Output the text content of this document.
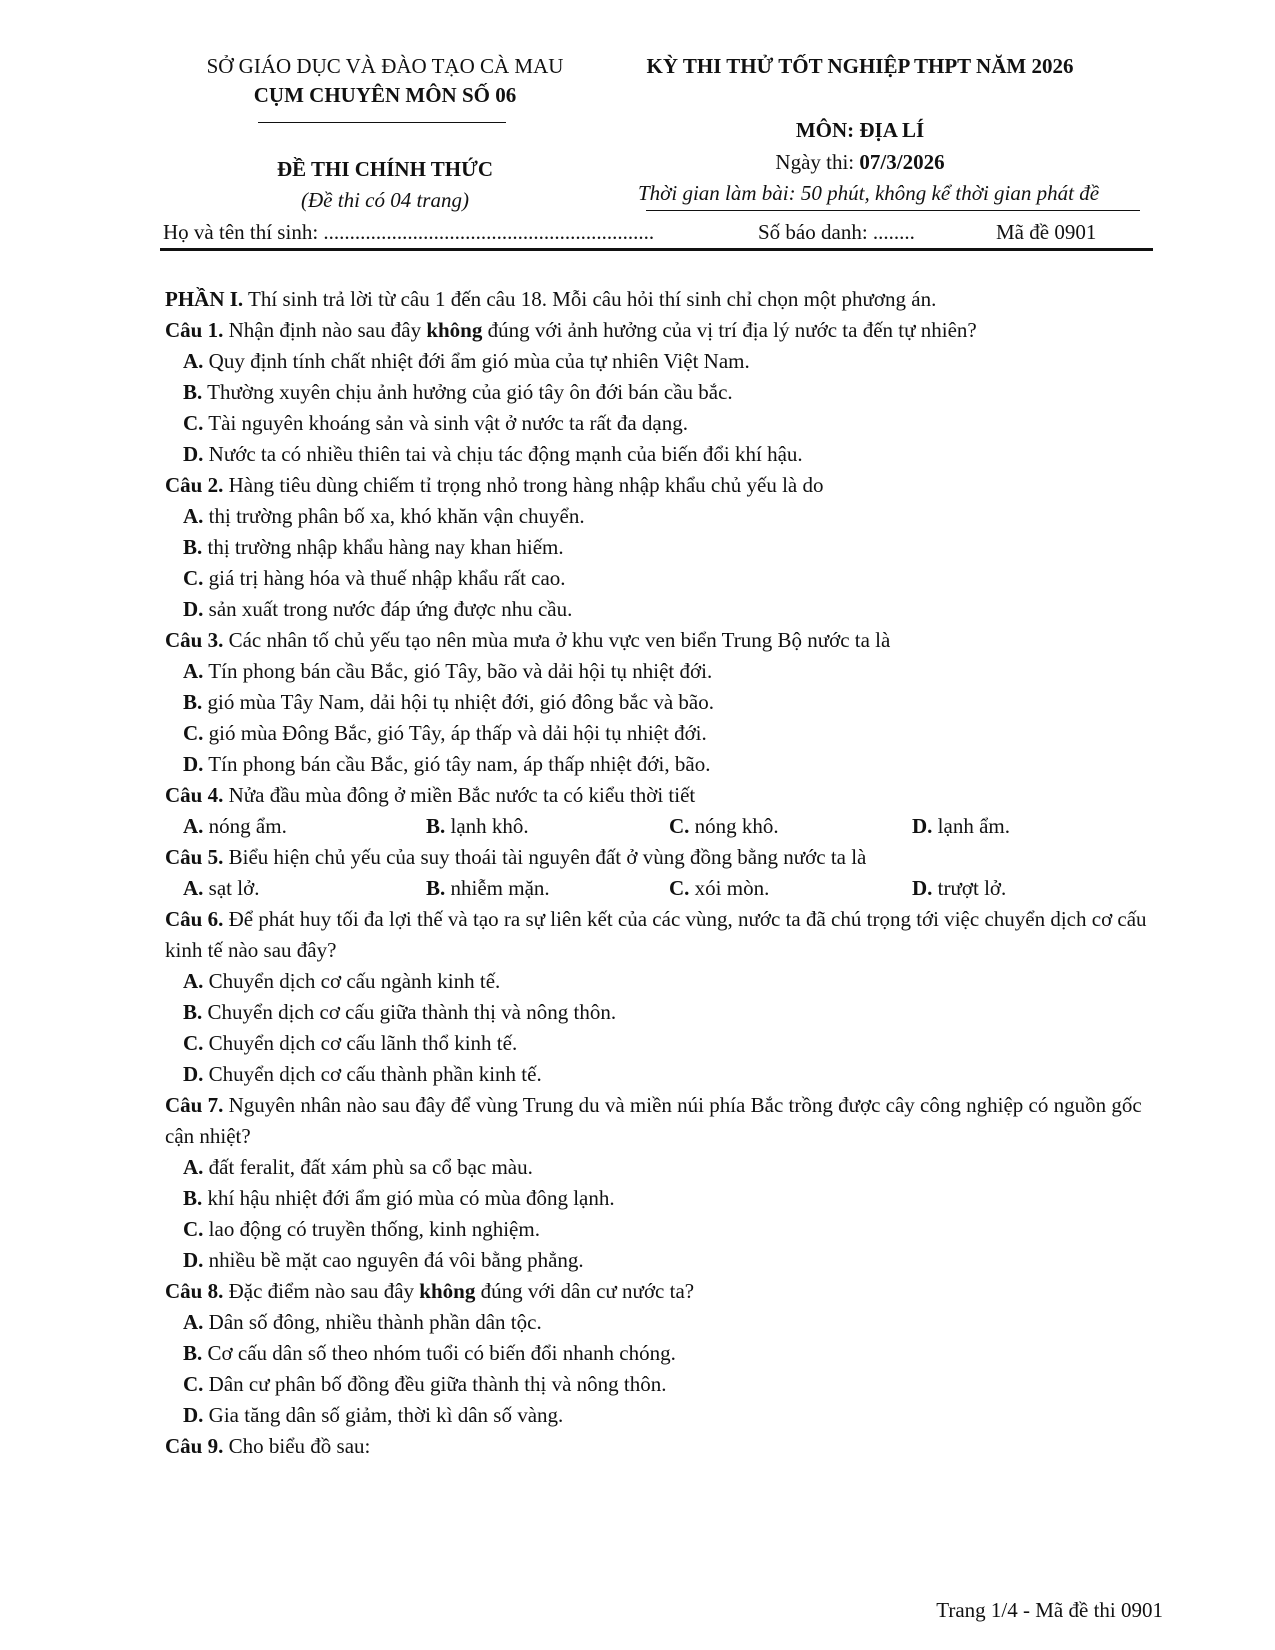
SỞ GIÁO DỤC VÀ ĐÀO TẠO CÀ MAU
CỤM CHUYÊN MÔN SỐ 06
KỲ THI THỬ TỐT NGHIỆP THPT NĂM 2026
MÔN: ĐỊA LÍ
Ngày thi: 07/3/2026
Thời gian làm bài: 50 phút, không kể thời gian phát đề
ĐỀ THI CHÍNH THỨC
(Đề thi có 04 trang)
Họ và tên thí sinh: ...............................................................	Số báo danh: ........	Mã đề 0901
PHẦN I. Thí sinh trả lời từ câu 1 đến câu 18. Mỗi câu hỏi thí sinh chỉ chọn một phương án.
Câu 1. Nhận định nào sau đây không đúng với ảnh hưởng của vị trí địa lý nước ta đến tự nhiên?
A. Quy định tính chất nhiệt đới ẩm gió mùa của tự nhiên Việt Nam.
B. Thường xuyên chịu ảnh hưởng của gió tây ôn đới bán cầu bắc.
C. Tài nguyên khoáng sản và sinh vật ở nước ta rất đa dạng.
D. Nước ta có nhiều thiên tai và chịu tác động mạnh của biến đổi khí hậu.
Câu 2. Hàng tiêu dùng chiếm tỉ trọng nhỏ trong hàng nhập khẩu chủ yếu là do
A. thị trường phân bố xa, khó khăn vận chuyển.
B. thị trường nhập khẩu hàng nay khan hiếm.
C. giá trị hàng hóa và thuế nhập khẩu rất cao.
D. sản xuất trong nước đáp ứng được nhu cầu.
Câu 3. Các nhân tố chủ yếu tạo nên mùa mưa ở khu vực ven biển Trung Bộ nước ta là
A. Tín phong bán cầu Bắc, gió Tây, bão và dải hội tụ nhiệt đới.
B. gió mùa Tây Nam, dải hội tụ nhiệt đới, gió đông bắc và bão.
C. gió mùa Đông Bắc, gió Tây, áp thấp và dải hội tụ nhiệt đới.
D. Tín phong bán cầu Bắc, gió tây nam, áp thấp nhiệt đới, bão.
Câu 4. Nửa đầu mùa đông ở miền Bắc nước ta có kiểu thời tiết
A. nóng ẩm.	B. lạnh khô.	C. nóng khô.	D. lạnh ẩm.
Câu 5. Biểu hiện chủ yếu của suy thoái tài nguyên đất ở vùng đồng bằng nước ta là
A. sạt lở.	B. nhiễm mặn.	C. xói mòn.	D. trượt lở.
Câu 6. Để phát huy tối đa lợi thế và tạo ra sự liên kết của các vùng, nước ta đã chú trọng tới việc chuyển dịch cơ cấu kinh tế nào sau đây?
A. Chuyển dịch cơ cấu ngành kinh tế.
B. Chuyển dịch cơ cấu giữa thành thị và nông thôn.
C. Chuyển dịch cơ cấu lãnh thổ kinh tế.
D. Chuyển dịch cơ cấu thành phần kinh tế.
Câu 7. Nguyên nhân nào sau đây để vùng Trung du và miền núi phía Bắc trồng được cây công nghiệp có nguồn gốc cận nhiệt?
A. đất feralit, đất xám phù sa cổ bạc màu.
B. khí hậu nhiệt đới ẩm gió mùa có mùa đông lạnh.
C. lao động có truyền thống, kinh nghiệm.
D. nhiều bề mặt cao nguyên đá vôi bằng phẳng.
Câu 8. Đặc điểm nào sau đây không đúng với dân cư nước ta?
A. Dân số đông, nhiều thành phần dân tộc.
B. Cơ cấu dân số theo nhóm tuổi có biến đổi nhanh chóng.
C. Dân cư phân bố đồng đều giữa thành thị và nông thôn.
D. Gia tăng dân số giảm, thời kì dân số vàng.
Câu 9. Cho biểu đồ sau:
Trang 1/4 - Mã đề thi 0901
